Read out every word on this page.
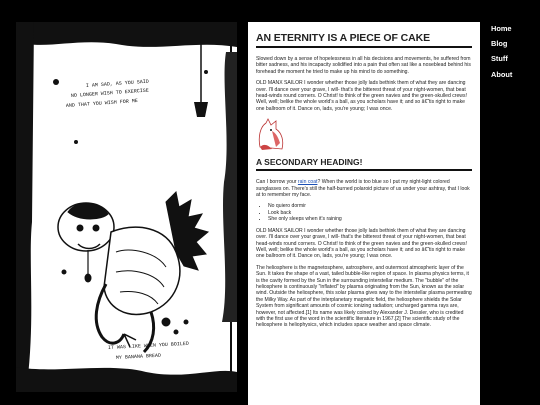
I AM SAD, AS YOU SAID
NO LONGER WISH TO EXERCISE
AND THAT YOU WISH FOR ME
IT WAS LIKE WHEN YOU BOILED
MY BANANA BREAD
AN ETERNITY IS A PIECE OF CAKE

Slowed down by a sense of hopelessness in all his decisions and movements, he suffered from bitter sadness, and his incapacity solidified into a pain that often sat like a noseblead behind his forehead the moment he tried to make up his mind to do something.

OLD MANX SAILOR I wonder whether those jolly lads bethink them of what they are dancing over. I'll dance over your grave, I will- that's the bitterest threat of your night-women, that beat head-winds round corners. O Christ! to think of the green navies and the green-skulled crews! Well, well; belike the whole world's a ball, as you scholars have it; and so â€˜tis right to make one ballroom of it. Dance on, lads, you're young; I was once.

A SECONDARY HEADING!

Can I borrow your rain coat? When the world is too blue so I put my night-light colored sunglasses on. There's still the half-burned polaroid picture of us under your ashtray, that I look at to remember my face.

• No quiero dormir
• Look back
• She only sleeps when it's raining

OLD MANX SAILOR I wonder whether those jolly lads bethink them of what they are dancing over. I'll dance over your grave, I will- that's the bitterest threat of your night-women, that beat head-winds round corners. O Christ! to think of the green navies and the green-skulled crews! Well, well; belike the whole world's a ball, as you scholars have it; and so â€˜tis right to make one ballroom of it. Dance on, lads, you're young; I was once.

The heliosphere is the magnetosphere, astrosphere, and outermost atmospheric layer of the Sun. It takes the shape of a vast, tailed bubble-like region of space. In plasma physics terms, it is the cavity formed by the Sun in the surrounding interstellar medium. The "bubble" of the heliosphere is continuously "inflated" by plasma originating from the Sun, known as the solar wind. Outside the heliosphere, this solar plasma gives way to the interstellar plasma permeating the Milky Way. As part of the interplanetary magnetic field, the heliosphere shields the Solar System from significant amounts of cosmic ionizing radiation; uncharged gamma rays are, however, not affected.[1] Its name was likely coined by Alexander J. Dessler, who is credited with the first use of the word in the scientific literature in 1967.[2] The scientific study of the heliosphere is heliophysics, which includes space weather and space climate.

Home
Blog
Stuff
About
